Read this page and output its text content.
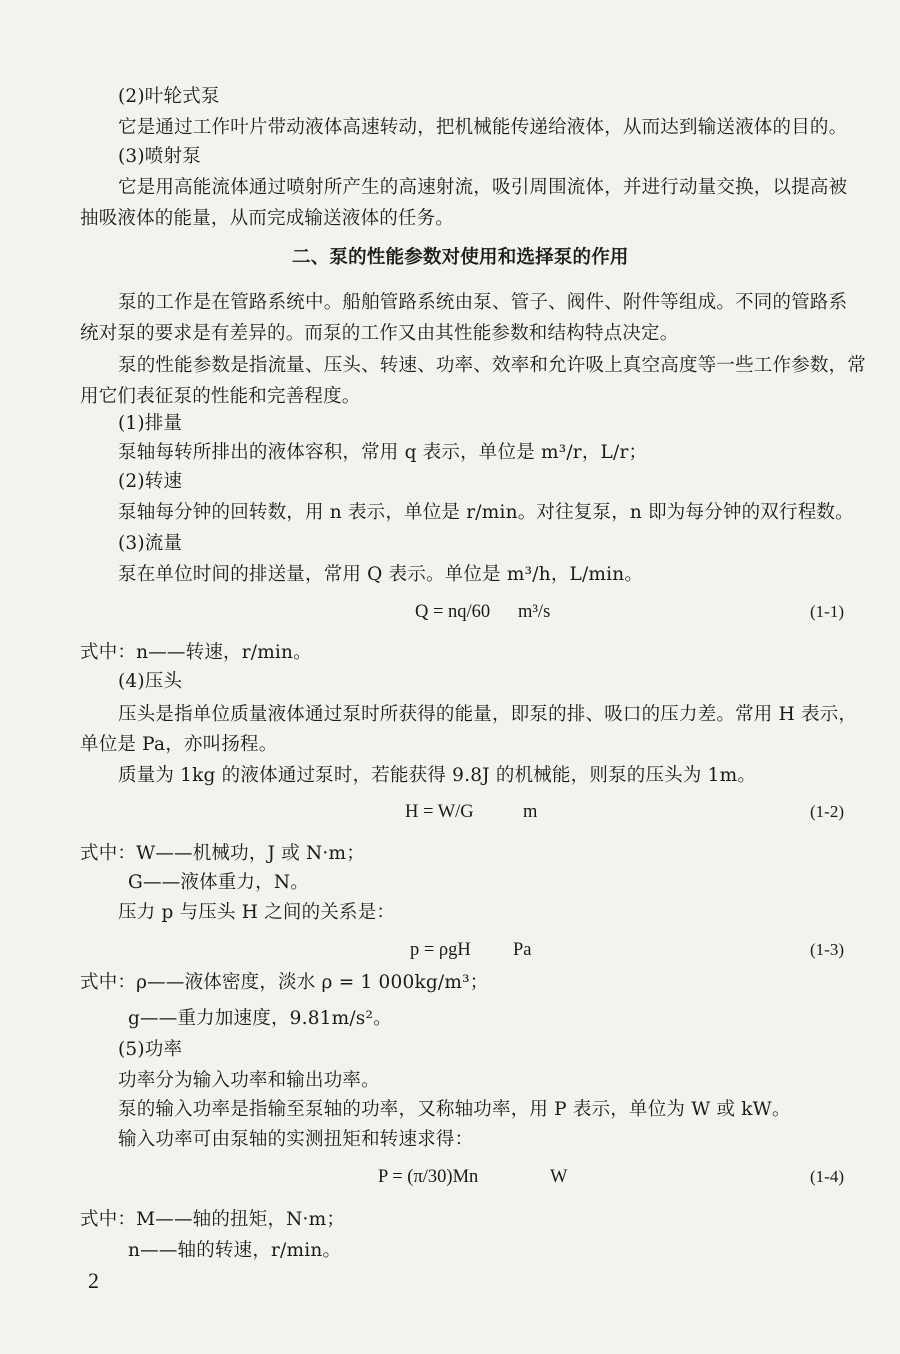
(2)叶轮式泵

它是通过工作叶片带动液体高速转动，把机械能传递给液体，从而达到输送液体的目的。

(3)喷射泵

它是用高能流体通过喷射所产生的高速射流，吸引周围流体，并进行动量交换，以提高被

抽吸液体的能量，从而完成输送液体的任务。

二、泵的性能参数对使用和选择泵的作用

泵的工作是在管路系统中。船舶管路系统由泵、管子、阀件、附件等组成。不同的管路系

统对泵的要求是有差异的。而泵的工作又由其性能参数和结构特点决定。

泵的性能参数是指流量、压头、转速、功率、效率和允许吸上真空高度等一些工作参数，常

用它们表征泵的性能和完善程度。

(1)排量

泵轴每转所排出的液体容积，常用 q 表示，单位是 m³/r，L/r；

(2)转速

泵轴每分钟的回转数，用 n 表示，单位是 r/min。对往复泵，n 即为每分钟的双行程数。

(3)流量

泵在单位时间的排送量，常用 Q 表示。单位是 m³/h，L/min。

Q = nq/60 m³/s	(1-1)

式中：n——转速，r/min。

(4)压头

压头是指单位质量液体通过泵时所获得的能量，即泵的排、吸口的压力差。常用 H 表示，

单位是 Pa，亦叫扬程。

质量为 1kg 的液体通过泵时，若能获得 9.8J 的机械能，则泵的压头为 1m。

H = W/G	m	(1-2)

式中：W——机械功，J 或 N·m；

G——液体重力，N。

压力 p 与压头 H 之间的关系是：

p = ρgH Pa	(1-3)

式中：ρ——液体密度，淡水 ρ = 1 000kg/m³；

g——重力加速度，9.81m/s²。

(5)功率

功率分为输入功率和输出功率。

泵的输入功率是指输至泵轴的功率，又称轴功率，用 P 表示，单位为 W 或 kW。

输入功率可由泵轴的实测扭矩和转速求得：

P = (π/30)Mn	W	(1-4)

式中：M——轴的扭矩，N·m；

n——轴的转速，r/min。

2
